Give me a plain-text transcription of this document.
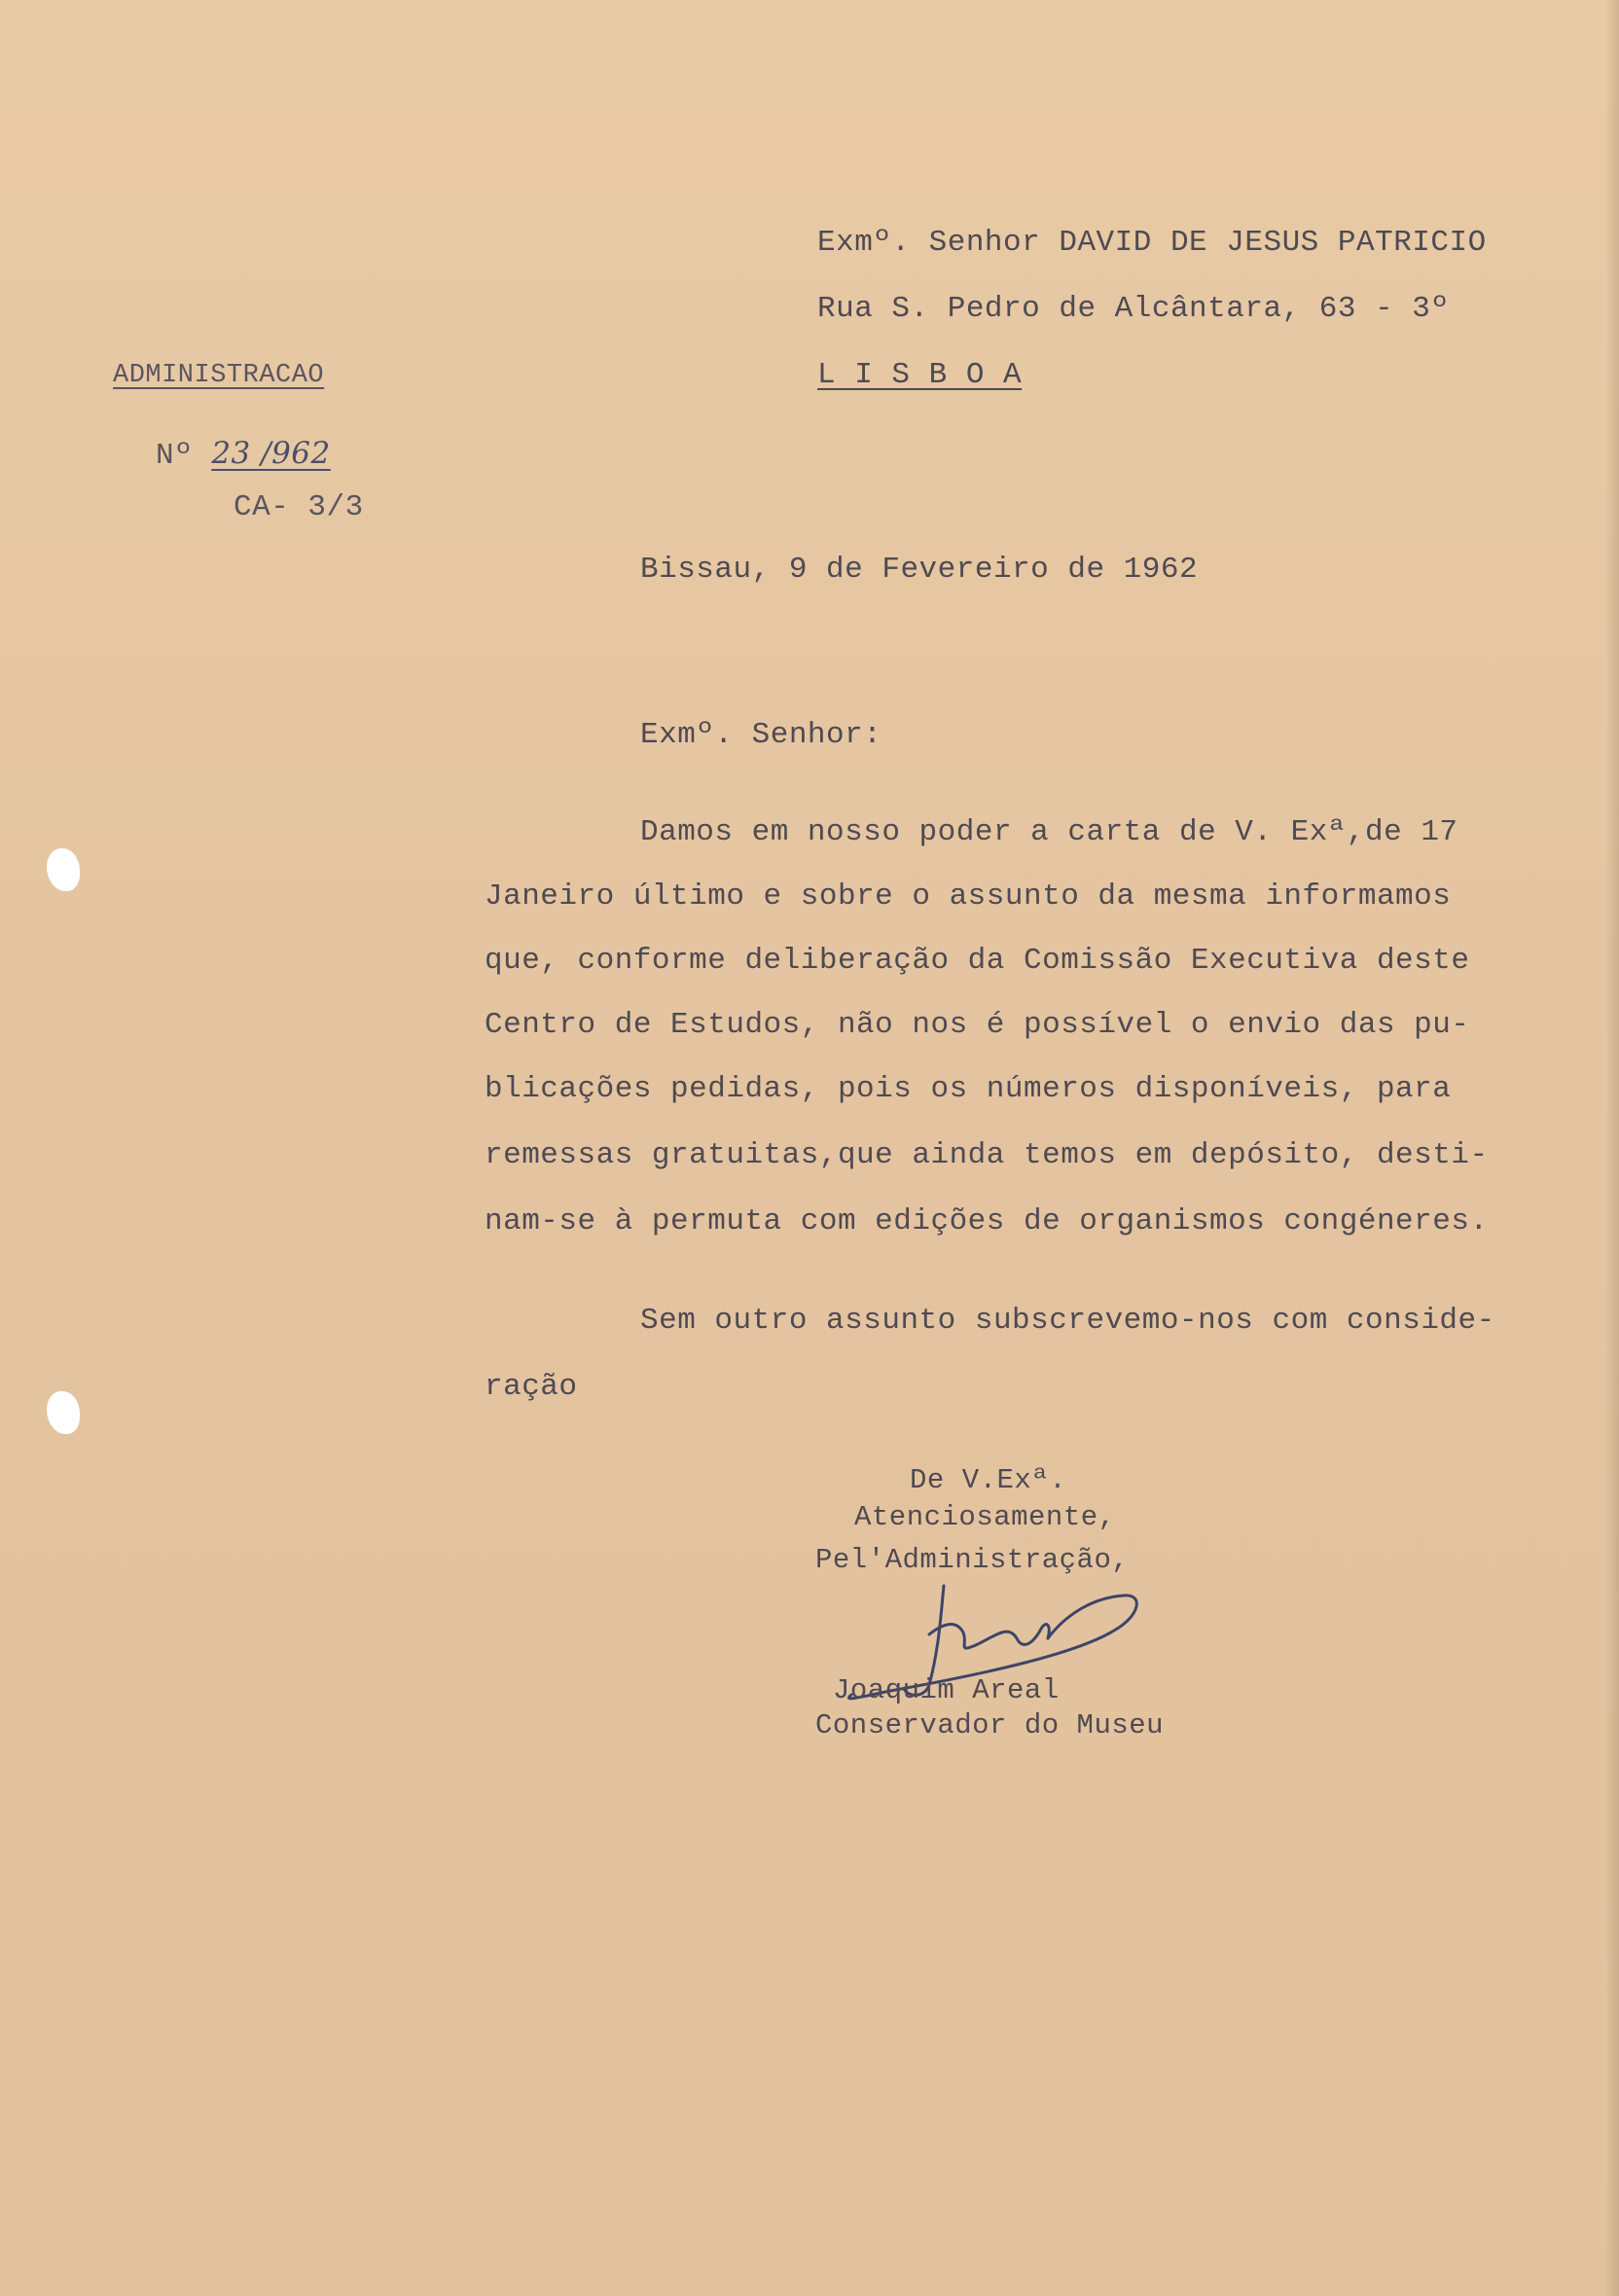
Exmº. Senhor DAVID DE JESUS PATRICIO
Rua S. Pedro de Alcântara, 63 - 3º
L I S B O A
ADMINISTRACAO
Nº 23 /962
CA- 3/3
Bissau, 9 de Fevereiro de 1962
Exmº. Senhor:
Damos em nosso poder a carta de V. Exª,de 17
Janeiro último e sobre o assunto da mesma informamos
que, conforme deliberação da Comissão Executiva deste
Centro de Estudos, não nos é possível o envio das pu-
blicações pedidas, pois os números disponíveis, para
remessas gratuitas,que ainda temos em depósito, desti-
nam-se à permuta com edições de organismos congéneres.
Sem outro assunto subscrevemo-nos com conside-
ração
De V.Exª.
Atenciosamente,
Pel'Administração,
Joaquim Areal
Conservador do Museu
